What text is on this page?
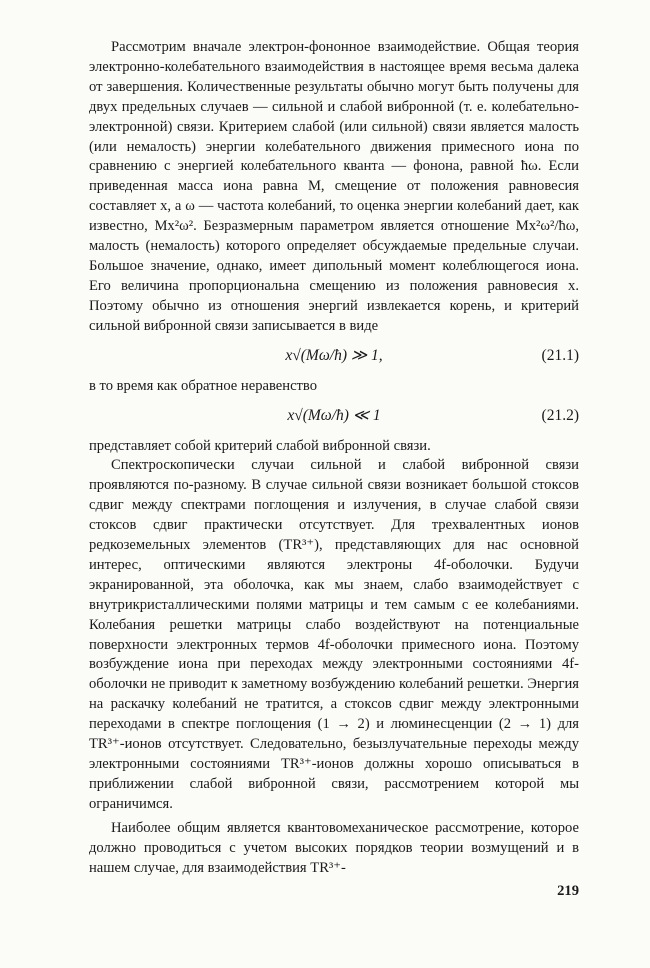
Рассмотрим вначале электрон-фононное взаимодействие. Общая теория электронно-колебательного взаимодействия в настоящее время весьма далека от завершения. Количественные результаты обычно могут быть получены для двух предельных случаев — сильной и слабой вибронной (т. е. колебательно-электронной) связи. Критерием слабой (или сильной) связи является малость (или немалость) энергии колебательного движения примесного иона по сравнению с энергией колебательного кванта — фонона, равной ħω. Если приведенная масса иона равна M, смещение от положения равновесия составляет x, а ω — частота колебаний, то оценка энергии колебаний дает, как известно, Mx²ω². Безразмерным параметром является отношение Mx²ω²/ħω, малость (немалость) которого определяет обсуждаемые предельные случаи. Большое значение, однако, имеет дипольный момент колеблющегося иона. Его величина пропорциональна смещению из положения равновесия x. Поэтому обычно из отношения энергий извлекается корень, и критерий сильной вибронной связи записывается в виде

x√(Mω/ħ) ≫ 1,	(21.1)

в то время как обратное неравенство

x√(Mω/ħ) ≪ 1	(21.2)

представляет собой критерий слабой вибронной связи.

Спектроскопически случаи сильной и слабой вибронной связи проявляются по-разному. В случае сильной связи возникает большой стоксов сдвиг между спектрами поглощения и излучения, в случае слабой связи стоксов сдвиг практически отсутствует. Для трехвалентных ионов редкоземельных элементов (TR³⁺), представляющих для нас основной интерес, оптическими являются электроны 4f-оболочки. Будучи экранированной, эта оболочка, как мы знаем, слабо взаимодействует с внутрикристаллическими полями матрицы и тем самым с ее колебаниями. Колебания решетки матрицы слабо воздействуют на потенциальные поверхности электронных термов 4f-оболочки примесного иона. Поэтому возбуждение иона при переходах между электронными состояниями 4f-оболочки не приводит к заметному возбуждению колебаний решетки. Энергия на раскачку колебаний не тратится, а стоксов сдвиг между электронными переходами в спектре поглощения (1 → 2) и люминесценции (2 → 1) для TR³⁺-ионов отсутствует. Следовательно, безызлучательные переходы между электронными состояниями TR³⁺-ионов должны хорошо описываться в приближении слабой вибронной связи, рассмотрением которой мы ограничимся.

Наиболее общим является квантовомеханическое рассмотрение, которое должно проводиться с учетом высоких порядков теории возмущений и в нашем случае, для взаимодействия TR³⁺-

219
